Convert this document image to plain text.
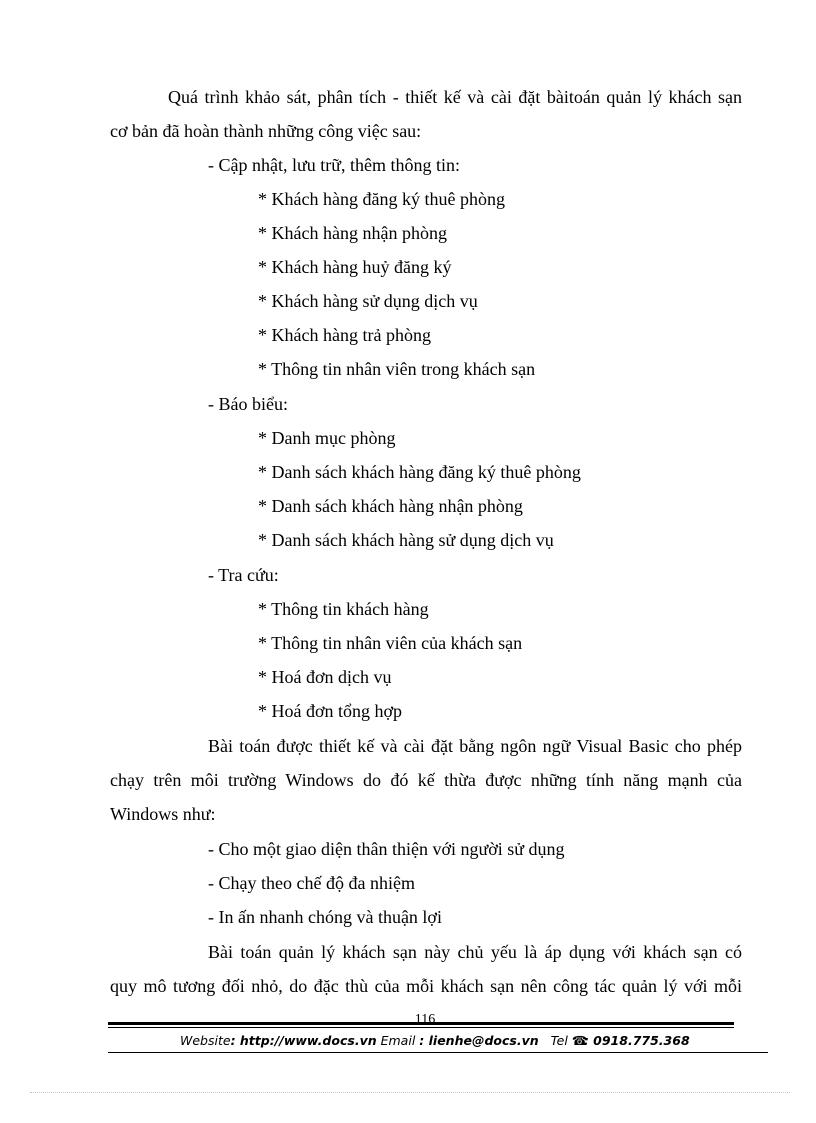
Quá trình khảo sát, phân tích - thiết kế và cài đặt bàitoán quản lý khách sạn
cơ bản đã hoàn thành những công việc sau:
- Cập nhật, lưu trữ, thêm thông tin:
* Khách hàng đăng ký thuê phòng
* Khách hàng nhận phòng
* Khách hàng huỷ đăng ký
* Khách hàng sử dụng dịch vụ
* Khách hàng trả phòng
* Thông tin nhân viên trong khách sạn
- Báo biểu:
* Danh mục phòng
* Danh sách khách hàng đăng ký thuê phòng
* Danh sách khách hàng nhận phòng
* Danh sách khách hàng sử dụng dịch vụ
- Tra cứu:
* Thông tin khách hàng
* Thông tin nhân viên của khách sạn
* Hoá đơn dịch vụ
* Hoá đơn tổng hợp
Bài toán được thiết kế và cài đặt bằng ngôn ngữ Visual Basic cho phép
chạy trên môi trường Windows do đó kế thừa được những tính năng mạnh của
Windows như:
- Cho một giao diện thân thiện với người sử dụng
- Chạy theo chế độ đa nhiệm
- In ấn nhanh chóng và thuận lợi
Bài toán quản lý khách sạn này chủ yếu là áp dụng với khách sạn có
quy mô tương đối nhỏ, do đặc thù của mỗi khách sạn nên công tác quản lý với mỗi
116
Website: http://www.docs.vn Email : lienhe@docs.vn Tel ☎: 0918.775.368
